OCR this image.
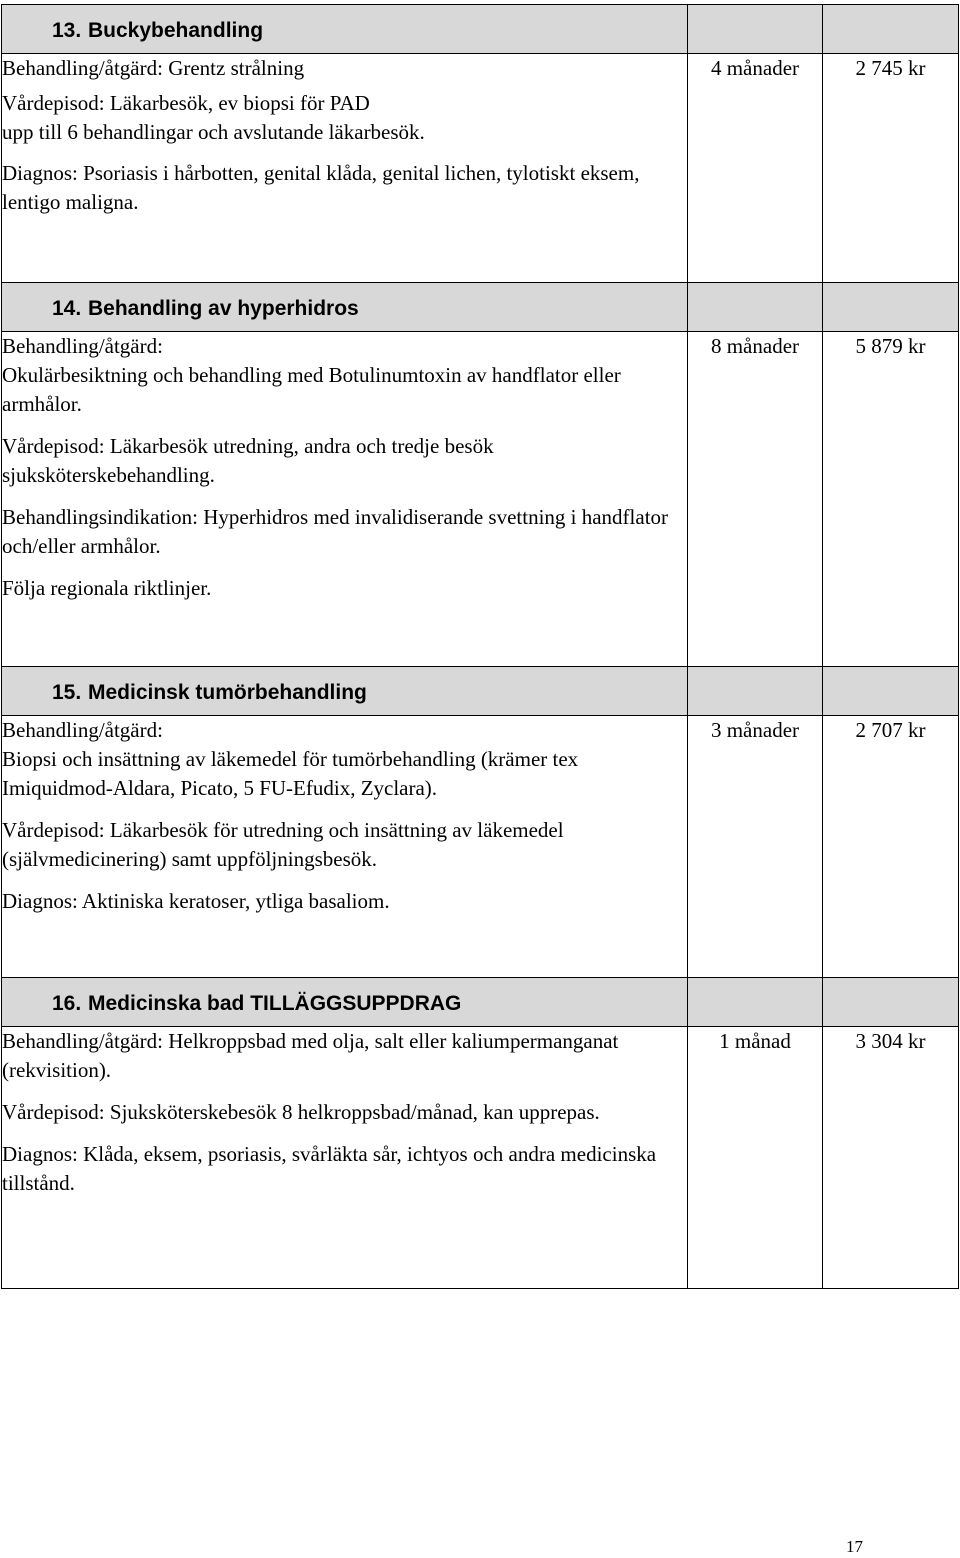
13. Buckybehandling		

Behandling/åtgärd: Grentz strålning

Vårdepisod: Läkarbesök, ev biopsi för PAD
upp till 6 behandlingar och avslutande läkarbesök.

Diagnos: Psoriasis i hårbotten, genital klåda, genital lichen, tylotiskt eksem, lentigo maligna.	4 månader	2 745 kr

14. Behandling av hyperhidros		

Behandling/åtgärd:
Okulärbesiktning och behandling med Botulinumtoxin av handflator eller armhålor.

Vårdepisod: Läkarbesök utredning, andra och tredje besök sjuksköterskebehandling.

Behandlingsindikation: Hyperhidros med invalidiserande svettning i handflator och/eller armhålor.

Följa regionala riktlinjer.	8 månader	5 879 kr

15. Medicinsk tumörbehandling		

Behandling/åtgärd:
Biopsi och insättning av läkemedel för tumörbehandling (krämer tex Imiquidmod-Aldara, Picato, 5 FU-Efudix, Zyclara).

Vårdepisod: Läkarbesök för utredning och insättning av läkemedel (självmedicinering) samt uppföljningsbesök.

Diagnos: Aktiniska keratoser, ytliga basaliom.	3 månader	2 707 kr

16. Medicinska bad TILLÄGGSUPPDRAG		

Behandling/åtgärd: Helkroppsbad med olja, salt eller kaliumpermanganat (rekvisition).

Vårdepisod: Sjuksköterskebesök 8 helkroppsbad/månad, kan upprepas.

Diagnos: Klåda, eksem, psoriasis, svårläkta sår, ichtyos och andra medicinska tillstånd.	1 månad	3 304 kr
17
